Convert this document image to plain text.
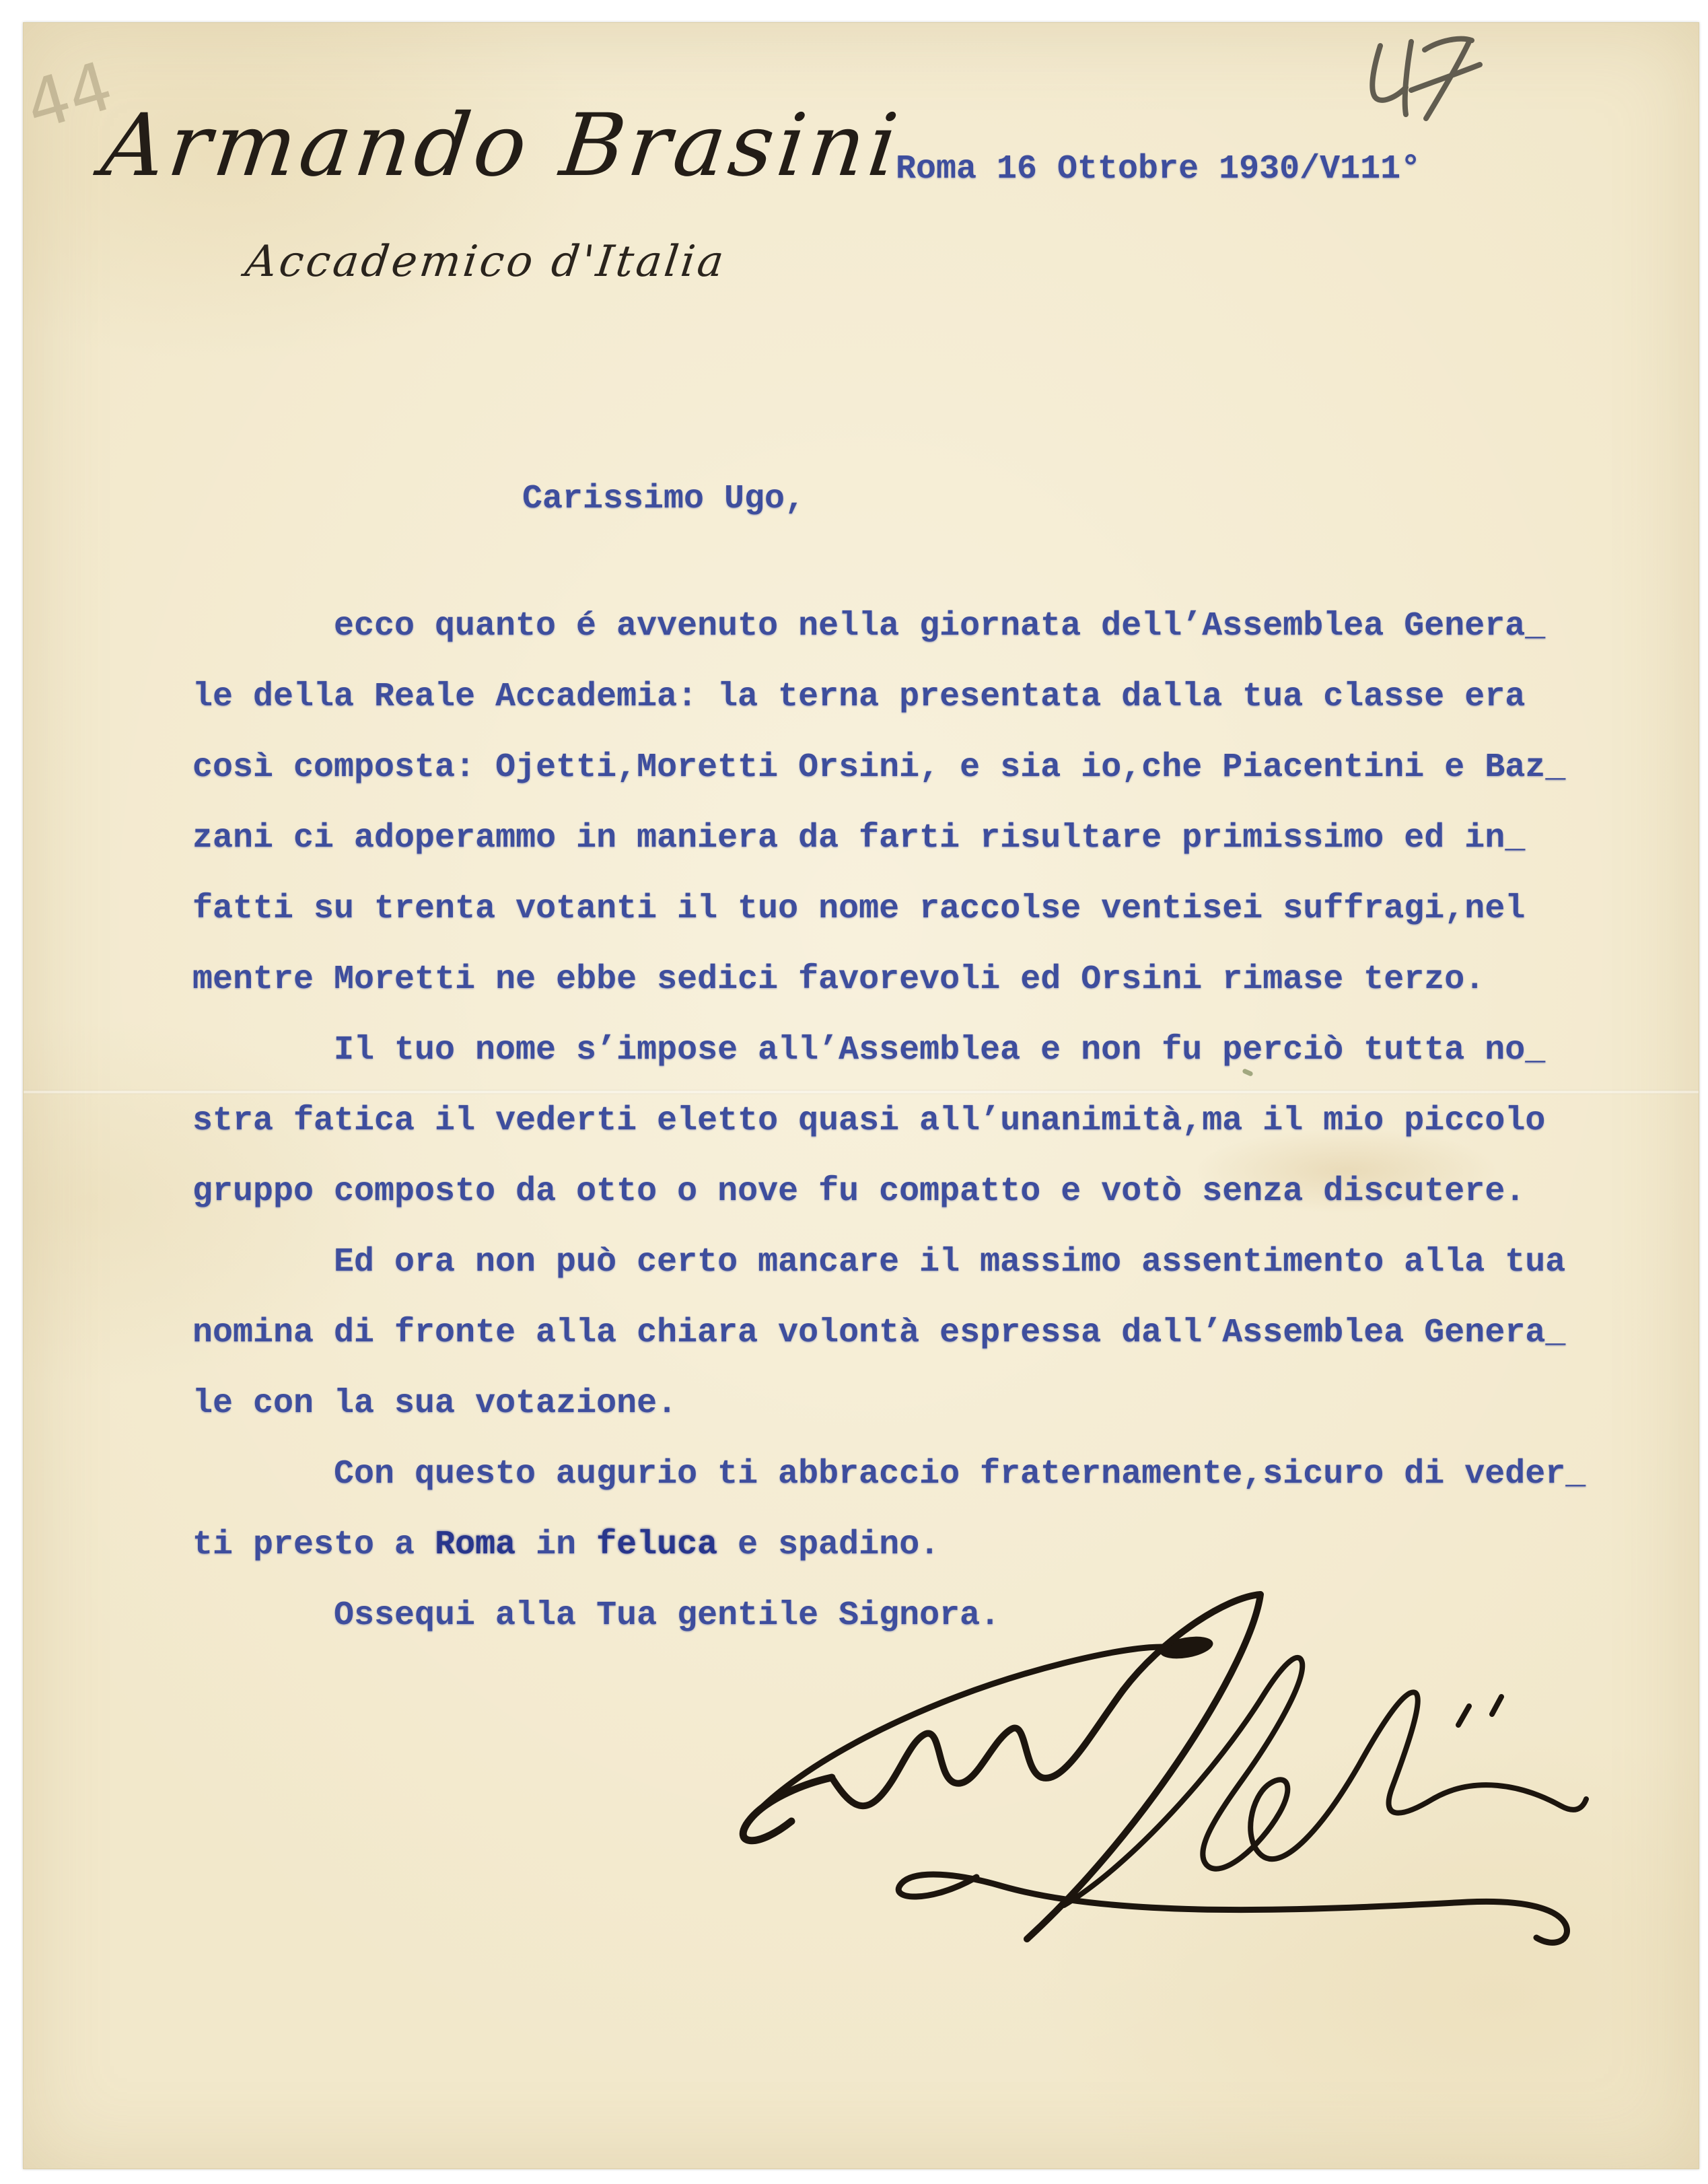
44
Armando Brasini
Accademico d'Italia
Roma 16 Ottobre 1930/V111°
Carissimo Ugo,
ecco quanto é avvenuto nella giornata dell’Assemblea Genera_
le della Reale Accademia: la terna presentata dalla tua classe era
così composta: Ojetti,Moretti Orsini, e sia io,che Piacentini e Baz_
zani ci adoperammo in maniera da farti risultare primissimo ed in_
fatti su trenta votanti il tuo nome raccolse ventisei suffragi,nel
mentre Moretti ne ebbe sedici favorevoli ed Orsini rimase terzo.
Il tuo nome s’impose all’Assemblea e non fu perciò tutta no_
stra fatica il vederti eletto quasi all’unanimità,ma il mio piccolo
gruppo composto da otto o nove fu compatto e votò senza discutere.
Ed ora non può certo mancare il massimo assentimento alla tua
nomina di fronte alla chiara volontà espressa dall’Assemblea Genera_
le con la sua votazione.
Con questo augurio ti abbraccio fraternamente,sicuro di veder_
ti presto a Roma in feluca e spadino.
Ossequi alla Tua gentile Signora.
